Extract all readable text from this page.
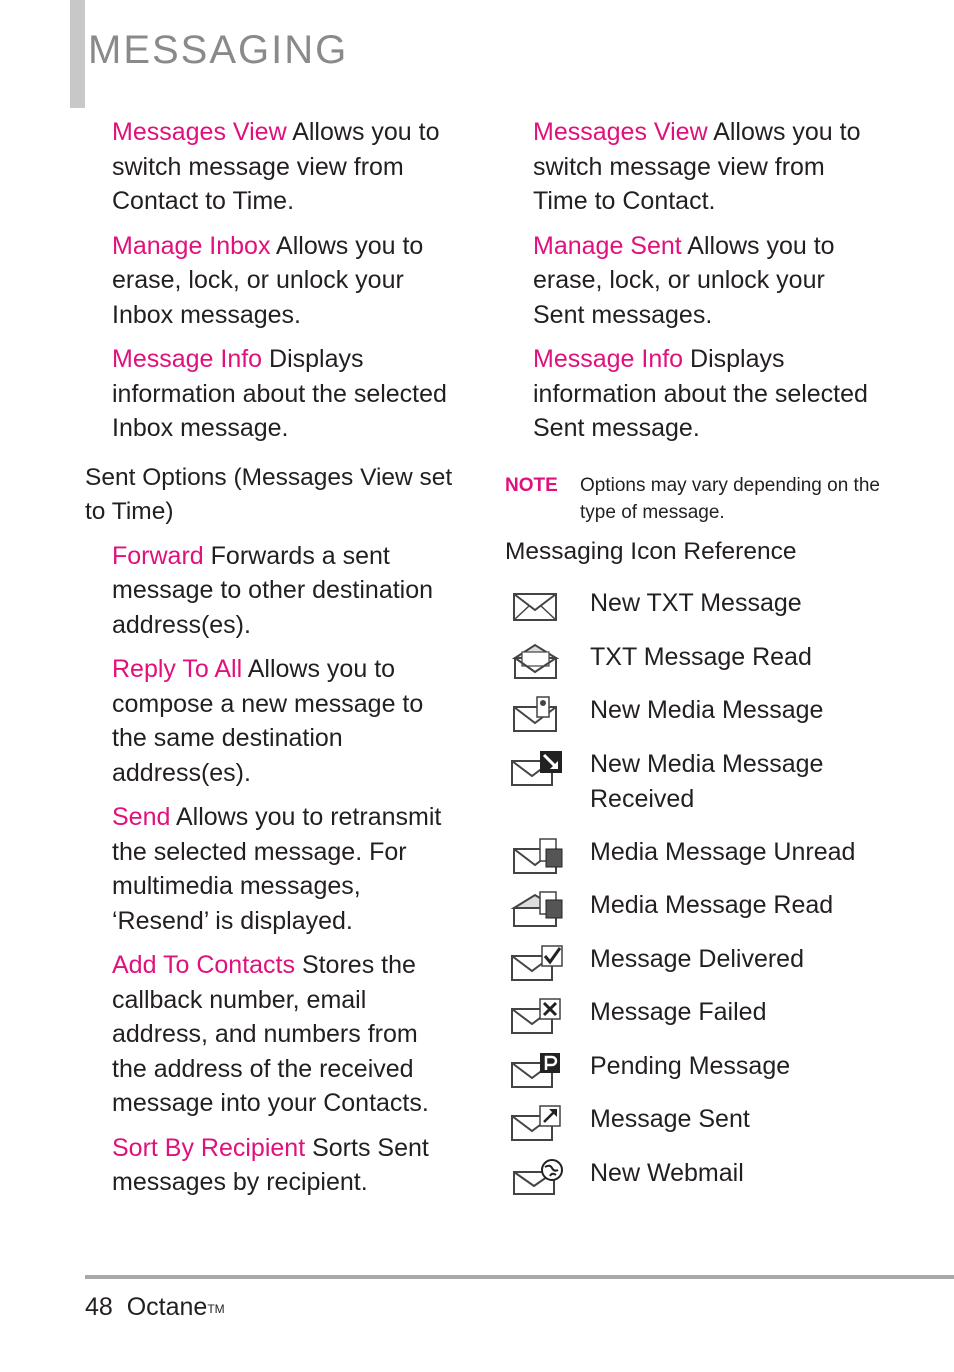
MESSAGING

Messages View Allows you to switch message view from Contact to Time.

Manage Inbox Allows you to erase, lock, or unlock your Inbox messages.

Message Info Displays information about the selected Inbox message.

Sent Options (Messages View set to Time)

Forward Forwards a sent message to other destination address(es).

Reply To All Allows you to compose a new message to the same destination address(es).

Send Allows you to retransmit the selected message. For multimedia messages, ‘Resend’ is displayed.

Add To Contacts Stores the callback number, email address, and numbers from the address of the received message into your Contacts.

Sort By Recipient Sorts Sent messages by recipient.

Messages View Allows you to switch message view from Time to Contact.

Manage Sent Allows you to erase, lock, or unlock your Sent messages.

Message Info Displays information about the selected Sent message.

NOTE Options may vary depending on the type of message.
Messaging Icon Reference
New TXT Message
TXT Message Read
New Media Message
New Media Message Received
Media Message Unread
Media Message Read
Message Delivered
Message Failed
Pending Message
Message Sent
New Webmail
48 Octane™
